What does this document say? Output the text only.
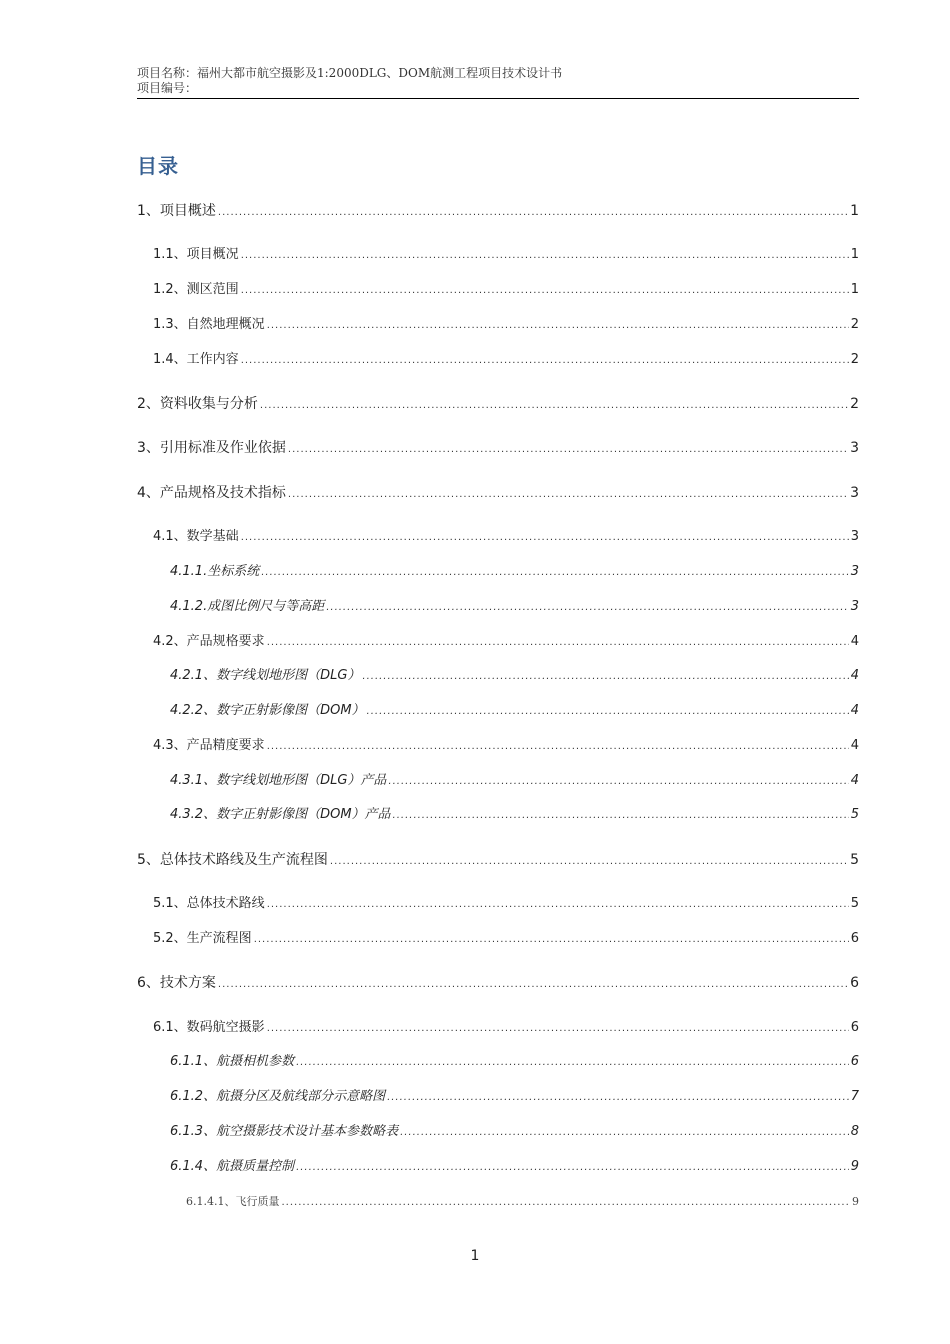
项目名称：福州大都市航空摄影及1:2000DLG、DOM航测工程项目技术设计书
项目编号：
目录
1、项目概述 .....	1
1.1、项目概况 .....	1
1.2、测区范围 .....	1
1.3、自然地理概况 .....	2
1.4、工作内容 .....	2
2、资料收集与分析 .....	2
3、引用标准及作业依据 .....	3
4、产品规格及技术指标 .....	3
4.1、数学基础 .....	3
4.1.1.坐标系统 .....	3
4.1.2.成图比例尺与等高距 .....	3
4.2、产品规格要求 .....	4
4.2.1、数字线划地形图（DLG） .....	4
4.2.2、数字正射影像图（DOM） .....	4
4.3、产品精度要求 .....	4
4.3.1、数字线划地形图（DLG）产品 .....	4
4.3.2、数字正射影像图（DOM）产品 .....	5
5、总体技术路线及生产流程图 .....	5
5.1、总体技术路线 .....	5
5.2、生产流程图 .....	6
6、技术方案 .....	6
6.1、数码航空摄影 .....	6
6.1.1、航摄相机参数 .....	6
6.1.2、航摄分区及航线部分示意略图 .....	7
6.1.3、航空摄影技术设计基本参数略表 .....	8
6.1.4、航摄质量控制 .....	9
6.1.4.1、飞行质量 .....	9
1
